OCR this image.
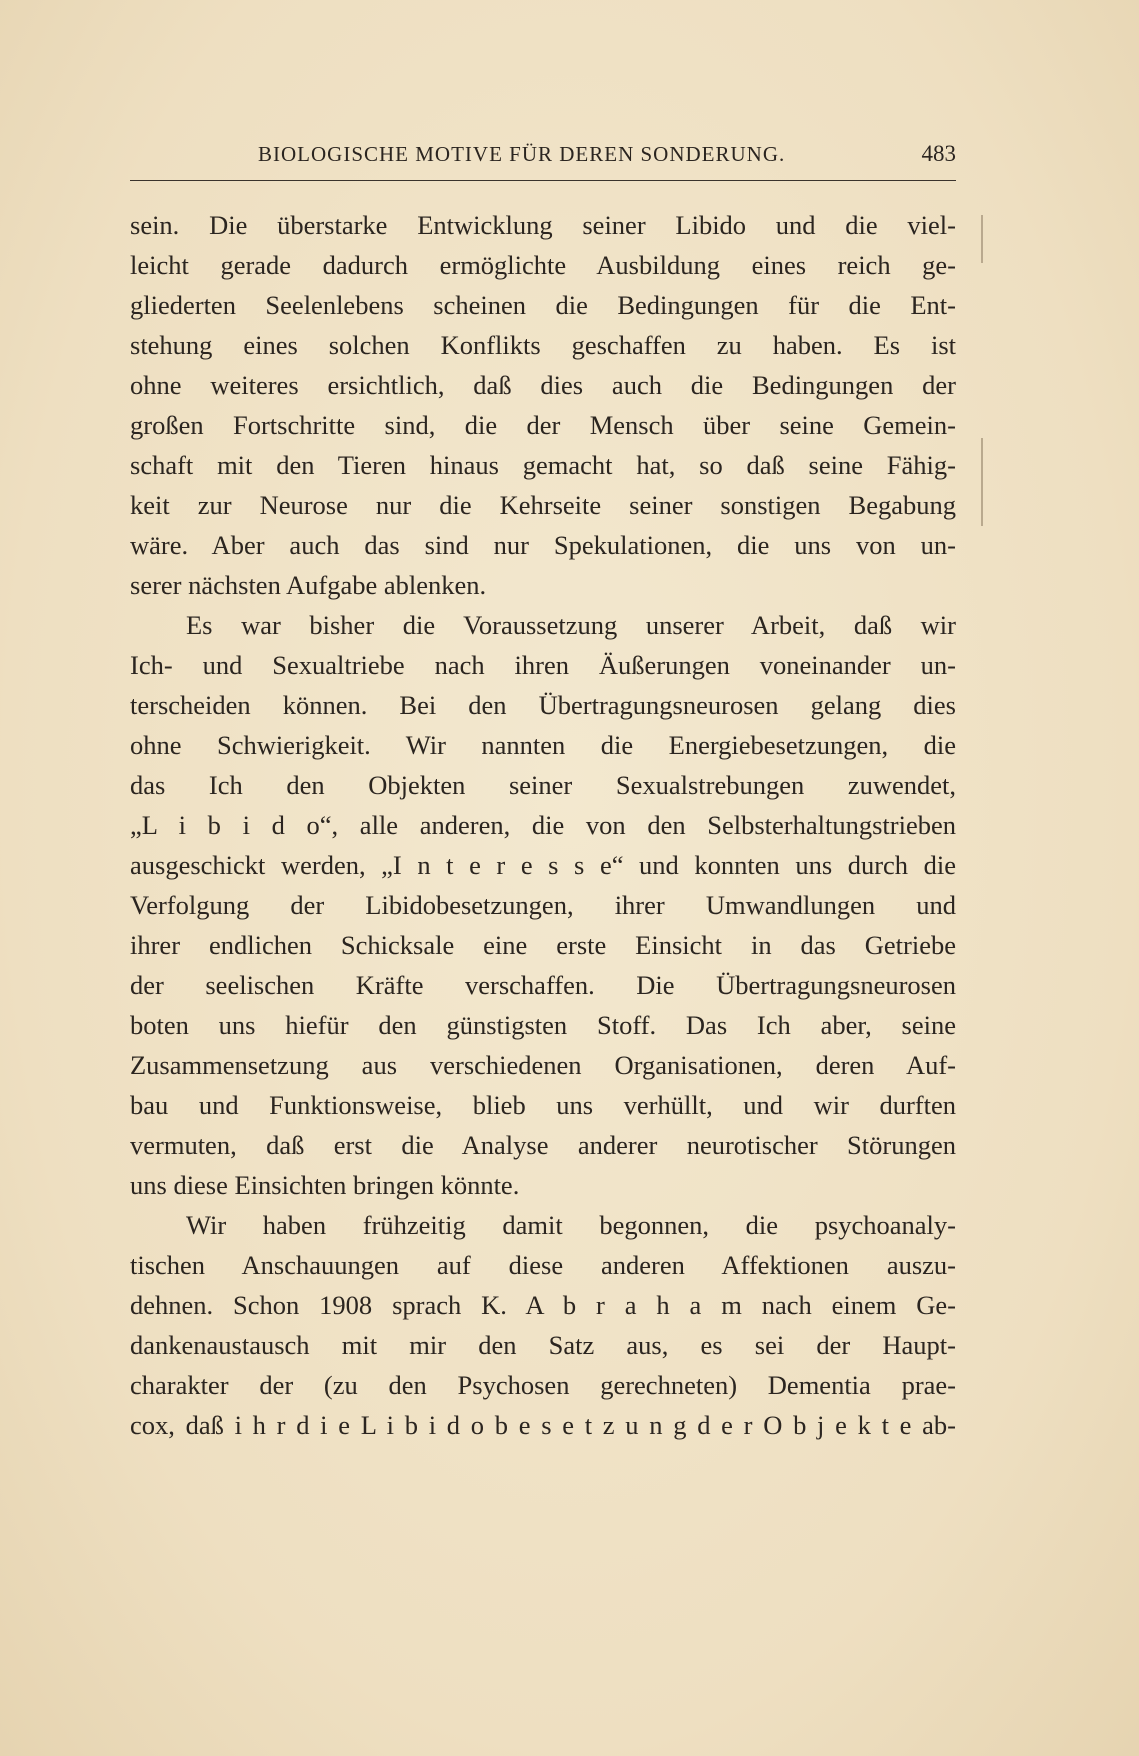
BIOLOGISCHE MOTIVE FÜR DEREN SONDERUNG.	483
sein. Die überstarke Entwicklung seiner Libido und die viel-
leicht gerade dadurch ermöglichte Ausbildung eines reich ge-
gliederten Seelenlebens scheinen die Bedingungen für die Ent-
stehung eines solchen Konflikts geschaffen zu haben. Es ist
ohne weiteres ersichtlich, daß dies auch die Bedingungen der
großen Fortschritte sind, die der Mensch über seine Gemein-
schaft mit den Tieren hinaus gemacht hat, so daß seine Fähig-
keit zur Neurose nur die Kehrseite seiner sonstigen Begabung
wäre. Aber auch das sind nur Spekulationen, die uns von un-
serer nächsten Aufgabe ablenken.
Es war bisher die Voraussetzung unserer Arbeit, daß wir
Ich- und Sexualtriebe nach ihren Äußerungen voneinander un-
terscheiden können. Bei den Übertragungsneurosen gelang dies
ohne Schwierigkeit. Wir nannten die Energiebesetzungen, die
das Ich den Objekten seiner Sexualstrebungen zuwendet,
„L i b i d o“, alle anderen, die von den Selbsterhaltungstrieben
ausgeschickt werden, „I n t e r e s s e“ und konnten uns durch die
Verfolgung der Libidobesetzungen, ihrer Umwandlungen und
ihrer endlichen Schicksale eine erste Einsicht in das Getriebe
der seelischen Kräfte verschaffen. Die Übertragungsneurosen
boten uns hiefür den günstigsten Stoff. Das Ich aber, seine
Zusammensetzung aus verschiedenen Organisationen, deren Auf-
bau und Funktionsweise, blieb uns verhüllt, und wir durften
vermuten, daß erst die Analyse anderer neurotischer Störungen
uns diese Einsichten bringen könnte.
Wir haben frühzeitig damit begonnen, die psychoanaly-
tischen Anschauungen auf diese anderen Affektionen auszu-
dehnen. Schon 1908 sprach K. A b r a h a m nach einem Ge-
dankenaustausch mit mir den Satz aus, es sei der Haupt-
charakter der (zu den Psychosen gerechneten) Dementia prae-
cox, daß i h r d i e L i b i d o b e s e t z u n g d e r O b j e k t e ab-
